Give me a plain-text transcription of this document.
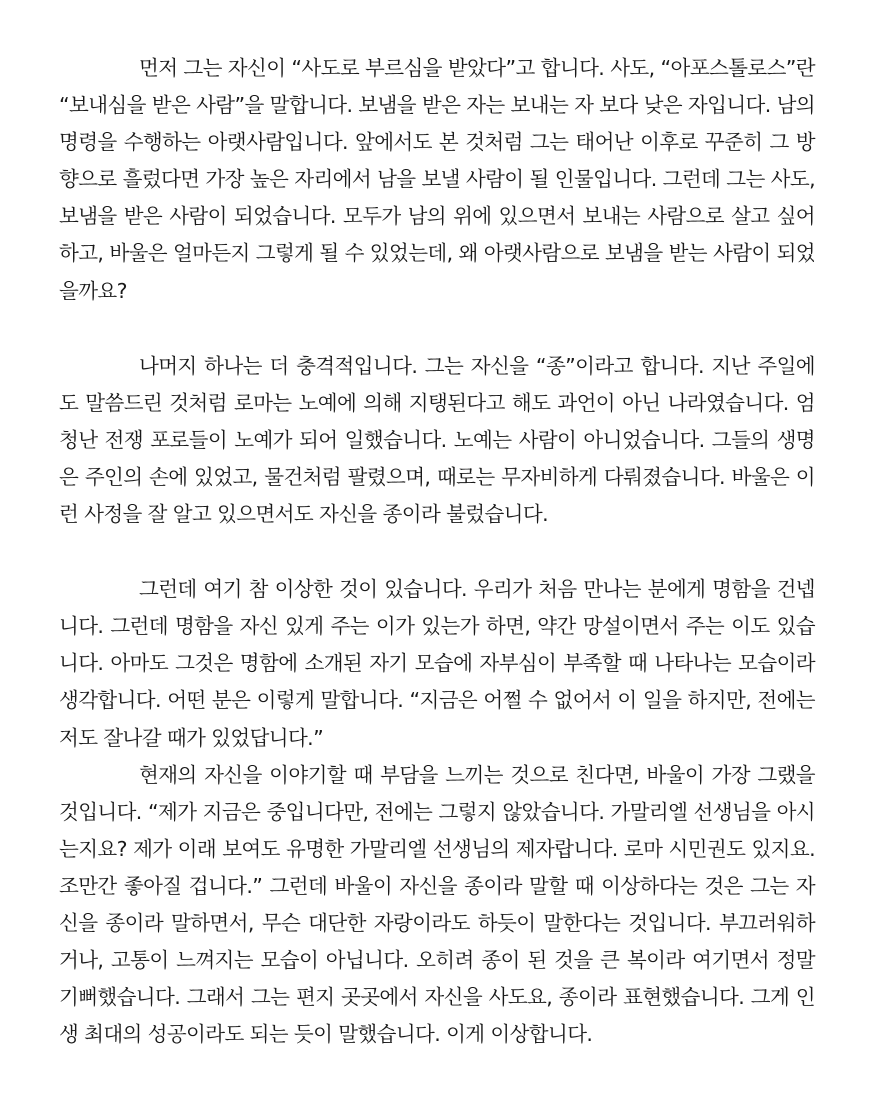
먼저 그는 자신이 “사도로 부르심을 받았다”고 합니다. 사도, “아포스톨로스”란 “보내심을 받은 사람”을 말합니다. 보냄을 받은 자는 보내는 자 보다 낮은 자입니다. 남의 명령을 수행하는 아랫사람입니다. 앞에서도 본 것처럼 그는 태어난 이후로 꾸준히 그 방향으로 흘렀다면 가장 높은 자리에서 남을 보낼 사람이 될 인물입니다. 그런데 그는 사도, 보냄을 받은 사람이 되었습니다. 모두가 남의 위에 있으면서 보내는 사람으로 살고 싶어 하고, 바울은 얼마든지 그렇게 될 수 있었는데, 왜 아랫사람으로 보냄을 받는 사람이 되었을까요?

나머지 하나는 더 충격적입니다. 그는 자신을 “종”이라고 합니다. 지난 주일에도 말씀드린 것처럼 로마는 노예에 의해 지탱된다고 해도 과언이 아닌 나라였습니다. 엄청난 전쟁 포로들이 노예가 되어 일했습니다. 노예는 사람이 아니었습니다. 그들의 생명은 주인의 손에 있었고, 물건처럼 팔렸으며, 때로는 무자비하게 다뤄졌습니다. 바울은 이런 사정을 잘 알고 있으면서도 자신을 종이라 불렀습니다.

그런데 여기 참 이상한 것이 있습니다. 우리가 처음 만나는 분에게 명함을 건넵니다. 그런데 명함을 자신 있게 주는 이가 있는가 하면, 약간 망설이면서 주는 이도 있습니다. 아마도 그것은 명함에 소개된 자기 모습에 자부심이 부족할 때 나타나는 모습이라 생각합니다. 어떤 분은 이렇게 말합니다. “지금은 어쩔 수 없어서 이 일을 하지만, 전에는 저도 잘나갈 때가 있었답니다.”

현재의 자신을 이야기할 때 부담을 느끼는 것으로 친다면, 바울이 가장 그랬을 것입니다. “제가 지금은 중입니다만, 전에는 그렇지 않았습니다. 가말리엘 선생님을 아시는지요? 제가 이래 보여도 유명한 가말리엘 선생님의 제자랍니다. 로마 시민권도 있지요. 조만간 좋아질 겁니다.” 그런데 바울이 자신을 종이라 말할 때 이상하다는 것은 그는 자신을 종이라 말하면서, 무슨 대단한 자랑이라도 하듯이 말한다는 것입니다. 부끄러워하거나, 고통이 느껴지는 모습이 아닙니다. 오히려 종이 된 것을 큰 복이라 여기면서 정말 기뻐했습니다. 그래서 그는 편지 곳곳에서 자신을 사도요, 종이라 표현했습니다. 그게 인생 최대의 성공이라도 되는 듯이 말했습니다. 이게 이상합니다.
